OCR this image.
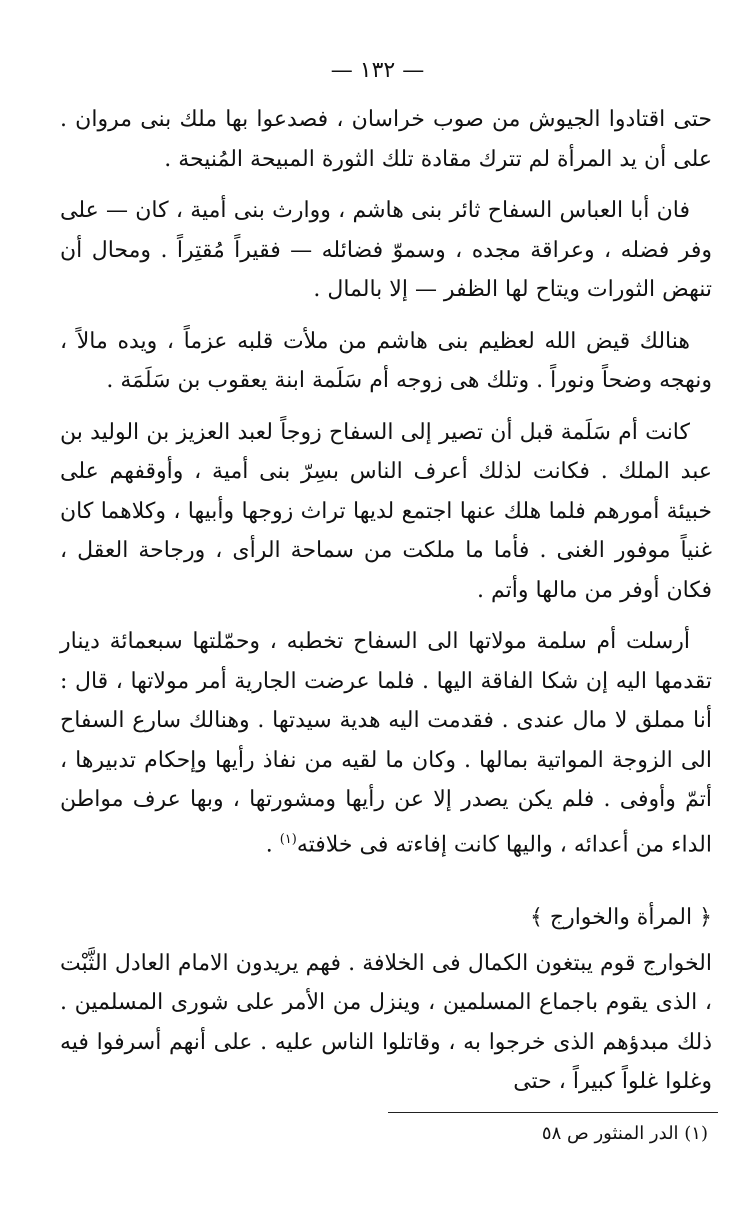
— ١٣٢ —

حتى اقتادوا الجيوش من صوب خراسان ، فصدعوا بها ملك بنى مروان . على أن يد المرأة لم تترك مقادة تلك الثورة المبيحة المُنيحة .

فان أبا العباس السفاح ثائر بنى هاشم ، ووارث بنى أمية ، كان — على وفر فضله ، وعراقة مجده ، وسموّ فضائله — فقيراً مُقتِراً . ومحال أن تنهض الثورات ويتاح لها الظفر — إلا بالمال .

هنالك قيض الله لعظيم بنى هاشم من ملأت قلبه عزماً ، ويده مالاً ، ونهجه وضحاً ونوراً . وتلك هى زوجه أم سَلَمة ابنة يعقوب بن سَلَمَة .

كانت أم سَلَمة قبل أن تصير إلى السفاح زوجاً لعبد العزيز بن الوليد بن عبد الملك . فكانت لذلك أعرف الناس بسِرّ بنى أمية ، وأوقفهم على خبيئة أمورهم فلما هلك عنها اجتمع لديها تراث زوجها وأبيها ، وكلاهما كان غنياً موفور الغنى . فأما ما ملكت من سماحة الرأى ، ورجاحة العقل ، فكان أوفر من مالها وأتم .

أرسلت أم سلمة مولاتها الى السفاح تخطبه ، وحمّلتها سبعمائة دينار تقدمها اليه إن شكا الفاقة اليها . فلما عرضت الجارية أمر مولاتها ، قال : أنا مملق لا مال عندى . فقدمت اليه هدية سيدتها . وهنالك سارع السفاح الى الزوجة المواتية بمالها . وكان ما لقيه من نفاذ رأيها وإحكام تدبيرها ، أتمّ وأوفى . فلم يكن يصدر إلا عن رأيها ومشورتها ، وبها عرف مواطن الداء من أعدائه ، واليها كانت إفاءته فى خلافته$^{(١)}$ .

﴿ المرأة والخوارج ﴾

الخوارج قوم يبتغون الكمال فى الخلافة . فهم يريدون الامام العادل الثَّبْت ، الذى يقوم باجماع المسلمين ، وينزل من الأمر على شورى المسلمين . ذلك مبدؤهم الذى خرجوا به ، وقاتلوا الناس عليه . على أنهم أسرفوا فيه وغلوا غلواً كبيراً ، حتى

(١) الدر المنثور ص ٥٨
